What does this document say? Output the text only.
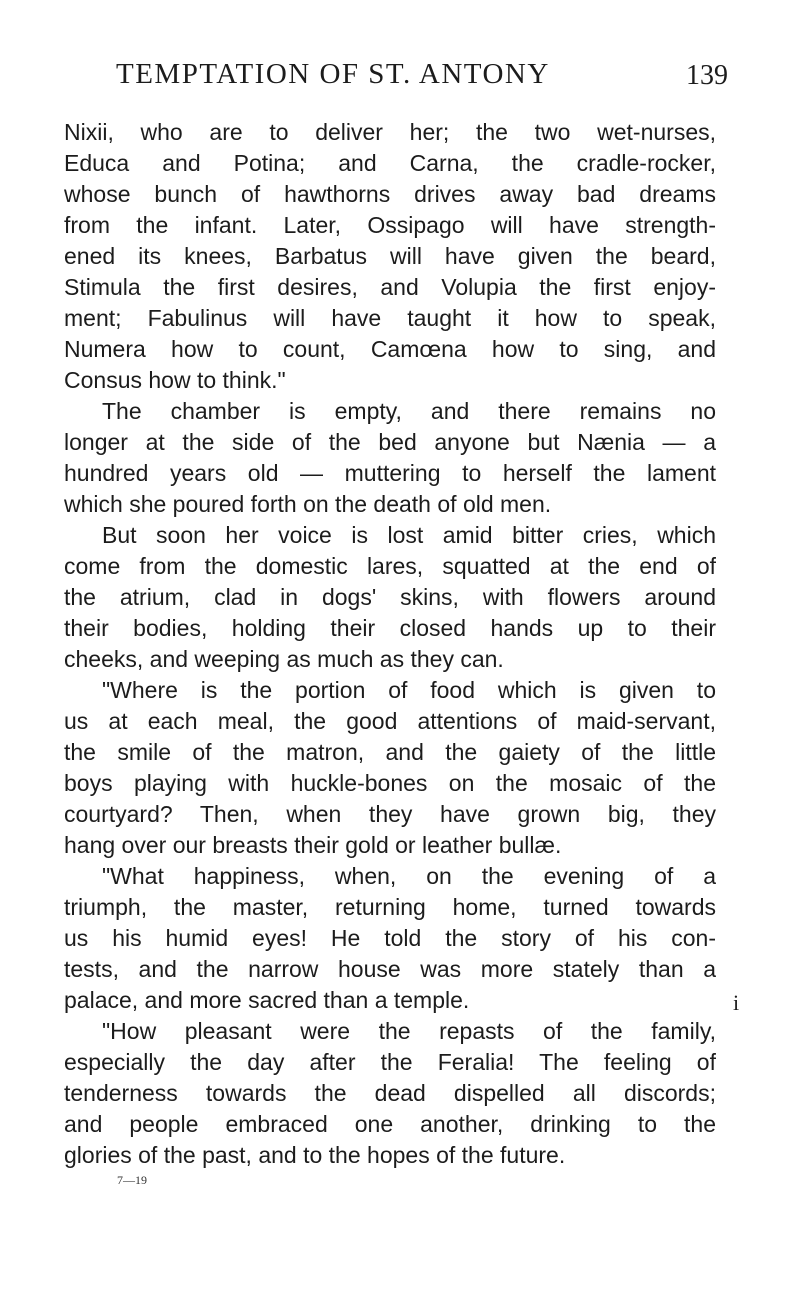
TEMPTATION OF ST. ANTONY	139
Nixii, who are to deliver her; the two wet-nurses,
Educa and Potina; and Carna, the cradle-rocker,
whose bunch of hawthorns drives away bad dreams
from the infant. Later, Ossipago will have strength-
ened its knees, Barbatus will have given the beard,
Stimula the first desires, and Volupia the first enjoy-
ment; Fabulinus will have taught it how to speak,
Numera how to count, Camœna how to sing, and
Consus how to think."
The chamber is empty, and there remains no
longer at the side of the bed anyone but Nænia — a
hundred years old — muttering to herself the lament
which she poured forth on the death of old men.
But soon her voice is lost amid bitter cries, which
come from the domestic lares, squatted at the end of
the atrium, clad in dogs' skins, with flowers around
their bodies, holding their closed hands up to their
cheeks, and weeping as much as they can.
"Where is the portion of food which is given to
us at each meal, the good attentions of maid-servant,
the smile of the matron, and the gaiety of the little
boys playing with huckle-bones on the mosaic of the
courtyard? Then, when they have grown big, they
hang over our breasts their gold or leather bullæ.
"What happiness, when, on the evening of a
triumph, the master, returning home, turned towards
us his humid eyes! He told the story of his con-
tests, and the narrow house was more stately than a
palace, and more sacred than a temple.
"How pleasant were the repasts of the family,
especially the day after the Feralia! The feeling of
tenderness towards the dead dispelled all discords;
and people embraced one another, drinking to the
glories of the past, and to the hopes of the future.
i
7—19
